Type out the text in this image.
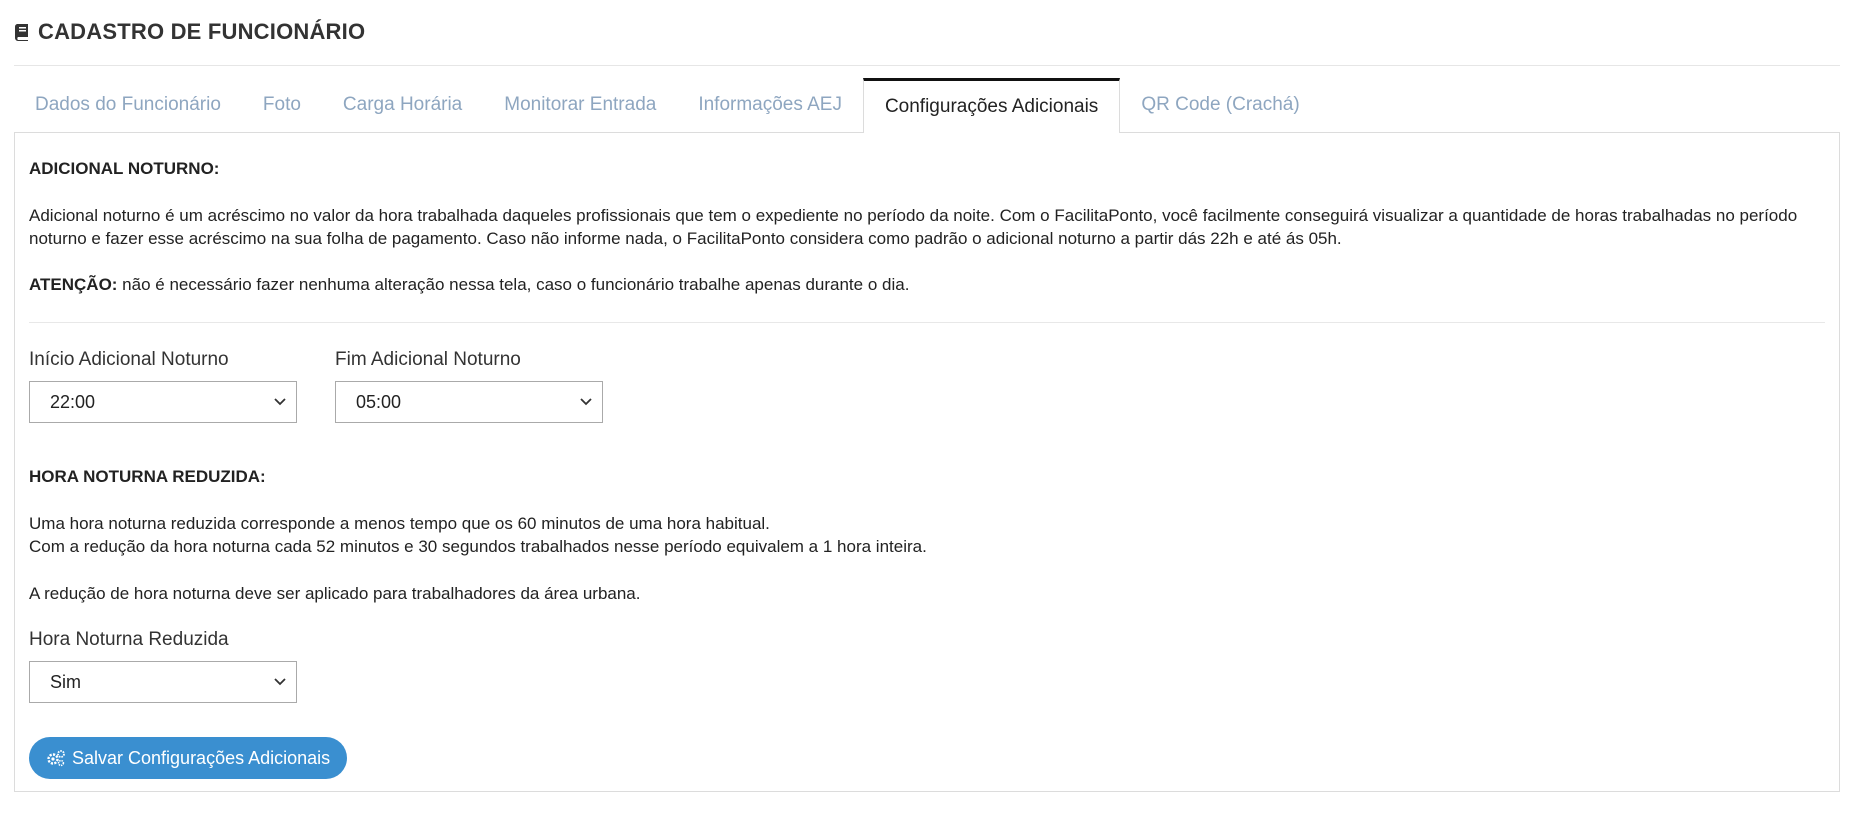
CADASTRO DE FUNCIONÁRIO
Dados do Funcionário	Foto	Carga Horária	Monitorar Entrada	Informações AEJ	Configurações Adicionais	QR Code (Crachá)
ADICIONAL NOTURNO:
Adicional noturno é um acréscimo no valor da hora trabalhada daqueles profissionais que tem o expediente no período da noite. Com o FacilitaPonto, você facilmente conseguirá visualizar a quantidade de horas trabalhadas no período
noturno e fazer esse acréscimo na sua folha de pagamento. Caso não informe nada, o FacilitaPonto considera como padrão o adicional noturno a partir dás 22h e até ás 05h.
ATENÇÃO: não é necessário fazer nenhuma alteração nessa tela, caso o funcionário trabalhe apenas durante o dia.
Início Adicional Noturno
22:00
Fim Adicional Noturno
05:00
HORA NOTURNA REDUZIDA:
Uma hora noturna reduzida corresponde a menos tempo que os 60 minutos de uma hora habitual.
Com a redução da hora noturna cada 52 minutos e 30 segundos trabalhados nesse período equivalem a 1 hora inteira.
A redução de hora noturna deve ser aplicado para trabalhadores da área urbana.
Hora Noturna Reduzida
Sim
Salvar Configurações Adicionais
